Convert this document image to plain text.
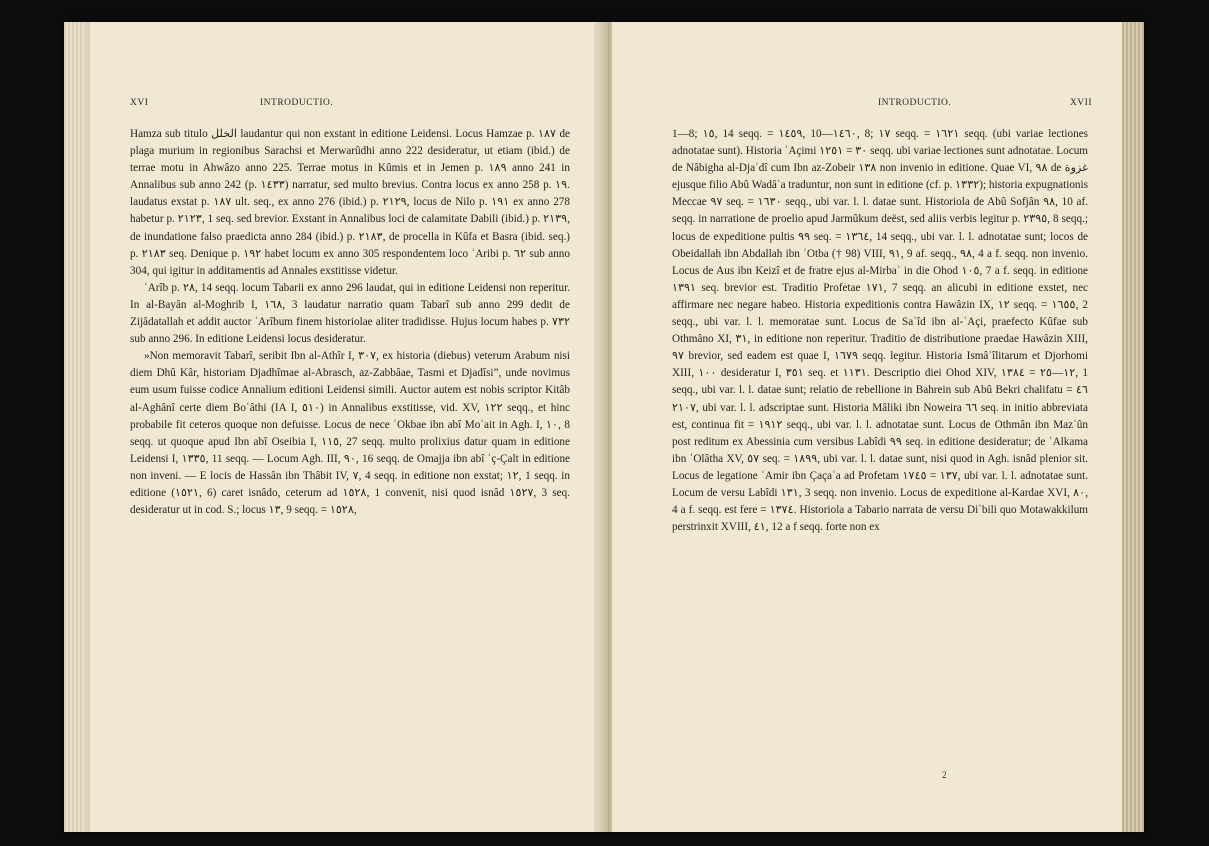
XVI	INTRODUCTIO.

Hamza sub titulo الخلل laudantur qui non exstant in editione Leidensi. Locus Hamzae p. ١٨٧ de plaga murium in regionibus Sarachsi et Merwarûdhi anno 222 desideratur, ut etiam (ibid.) de terrae motu in Ahwâzo anno 225. Terrae motus in Kûmis et in Jemen p. ١٨٩ anno 241 in Annalibus sub anno 242 (p. ١٤٣٣) narratur, sed multo brevius. Contra locus ex anno 258 p. ١٩. laudatus exstat p. ١٨٧ ult. seq., ex anno 276 (ibid.) p. ٢١٢٩, locus de Nilo p. ١٩١ ex anno 278 habetur p. ٢١٢٣, 1 seq. sed brevior. Exstant in Annalibus loci de calamitate Dabili (ibid.) p. ٢١٣٩, de inundatione falso praedicta anno 284 (ibid.) p. ٢١٨٣, de procella in Kûfa et Basra (ibid. seq.) p. ٢١٨٣ seq. Denique p. ١٩٢ habet locum ex anno 305 respondentem loco ʿAribi p. ٦٢ sub anno 304, qui igitur in additamentis ad Annales exstitisse videtur.

ʿArîb p. ٢٨, 14 seqq. locum Tabarii ex anno 296 laudat, qui in editione Leidensi non reperitur. In al-Bayân al-Moghrib I, ١٦٨, 3 laudatur narratio quam Tabarî sub anno 299 dedit de Zijâdatallah et addit auctor ʿArîbum finem historiolae aliter tradidisse. Hujus locum habes p. ٧٣٢ sub anno 296. In editione Leidensi locus desideratur.

»Non memoravit Tabarî, seribit Ibn al-Athîr I, ٣٠٧, ex historia (diebus) veterum Arabum nisi diem Dhû Kâr, historiam Djadhîmae al-Abrasch, az-Zabbâae, Tasmi et Djadîsi”, unde novimus eum usum fuisse codice Annalium editioni Leidensi simili. Auctor autem est nobis scriptor Kitâb al-Aghânî certe diem Boʿâthi (IA I, ٥١٠) in Annalibus exstitisse, vid. XV, ١٢٢ seqq., et hinc probabile fit ceteros quoque non defuisse. Locus de nece ʿOkbae ibn abî Moʿait in Agh. I, ١٠, 8 seqq. ut quoque apud Ibn abî Oseibia I, ١١٥, 27 seqq. multo prolixius datur quam in editione Leidensi I, ١٣٣٥, 11 seqq. — Locum Agh. III, ٩٠, 16 seqq. de Omajja ibn abî ʾç-Çalt in editione non inveni. — E locis de Hassân ibn Thâbit IV, ٧, 4 seqq. in editione non exstat; ١٢, 1 seqq. in editione (١٥٢١, 6) caret isnâdo, ceterum ad ١٥٢٨, 1 convenit, nisi quod isnâd ١٥٢٧, 3 seq. desideratur ut in cod. S.; locus ١٣, 9 seqq. = ١٥٢٨,

INTRODUCTIO.	XVII

1—8; ١٥, 14 seqq. = ١٤٥٩, 10—١٤٦٠, 8; ١٧ seqq. = ١٦٢١ seqq. (ubi variae lectiones adnotatae sunt). Historia ʿAçimi ٣٠ = ١٢٥١ seqq. ubi variae lectiones sunt adnotatae. Locum de Nâbigha al-Djaʿdî cum Ibn az-Zobeir ١٣٨ non invenio in editione. Quae VI, ٩٨ de غزوة ejusque filio Abû Wadâʿa traduntur, non sunt in editione (cf. p. ١٣٣٢); historia expugnationis Meccae ٩٧ seq. = ١٦٣٠ seqq., ubi var. l. l. datae sunt. Historiola de Abû Sofjân ٩٨, 10 af. seqq. in narratione de proelio apud Jarmûkum deëst, sed aliis verbis legitur p. ٢٣٩٥, 8 seqq.; locus de expeditione pultis ٩٩ seq. = ١٣٦٤, 14 seqq., ubi var. l. l. adnotatae sunt; locos de Obeidallah ibn Abdallah ibn ʿOtba († 98) VIII, ٩١, 9 af. seqq., ٩٨, 4 a f. seqq. non invenio. Locus de Aus ibn Keizî et de fratre ejus al-Mirbaʿ in die Ohod ١٠٥, 7 a f. seqq. in editione ١٣٩١ seq. brevior est. Traditio Profetae ١٧١, 7 seqq. an alicubi in editione exstet, nec affirmare nec negare habeo. Historia expeditionis contra Hawâzin IX, ١٢ seqq. = ١٦٥٥, 2 seqq., ubi var. l. l. memoratae sunt. Locus de Saʿîd ibn al-ʿAçi, praefecto Kûfae sub Othmâno XI, ٣١, in editione non reperitur. Traditio de distributione praedae Hawâzin XIII, ٩٧ brevior, sed eadem est quae I, ١٦٧٩ seqq. legitur. Historia Ismâʿîlitarum et Djorhomi XIII, ١٠٠ desideratur I, ٣٥١ seq. et ١١٣١. Descriptio diei Ohod XIV, ١٢—٢٥ = ١٣٨٤, 1 seqq., ubi var. l. l. datae sunt; relatio de rebellione in Bahrein sub Abû Bekri chalifatu ٤٦ = ٢١٠٧, ubi var. l. l. adscriptae sunt. Historia Mâliki ibn Noweira ٦٦ seq. in initio abbreviata est, continua fit = ١٩١٢ seqq., ubi var. l. l. adnotatae sunt. Locus de Othmân ibn Mazʿûn post reditum ex Abessinia cum versibus Labîdi ٩٩ seq. in editione desideratur; de ʿAlkama ibn ʿOlâtha XV, ٥٧ seq. = ١٨٩٩, ubi var. l. l. datae sunt, nisi quod in Agh. isnâd plenior sit. Locus de legatione ʿAmir ibn Çaçaʿa ad Profetam ١٣٧ = ١٧٤٥, ubi var. l. l. adnotatae sunt. Locum de versu Labîdi ١٣١, 3 seqq. non invenio. Locus de expeditione al-Kardae XVI, ٨٠, 4 a f. seqq. est fere = ١٣٧٤. Historiola a Tabario narrata de versu Diʿbili quo Motawakkilum perstrinxit XVIII, ٤١, 12 a f seqq. forte non ex

2
